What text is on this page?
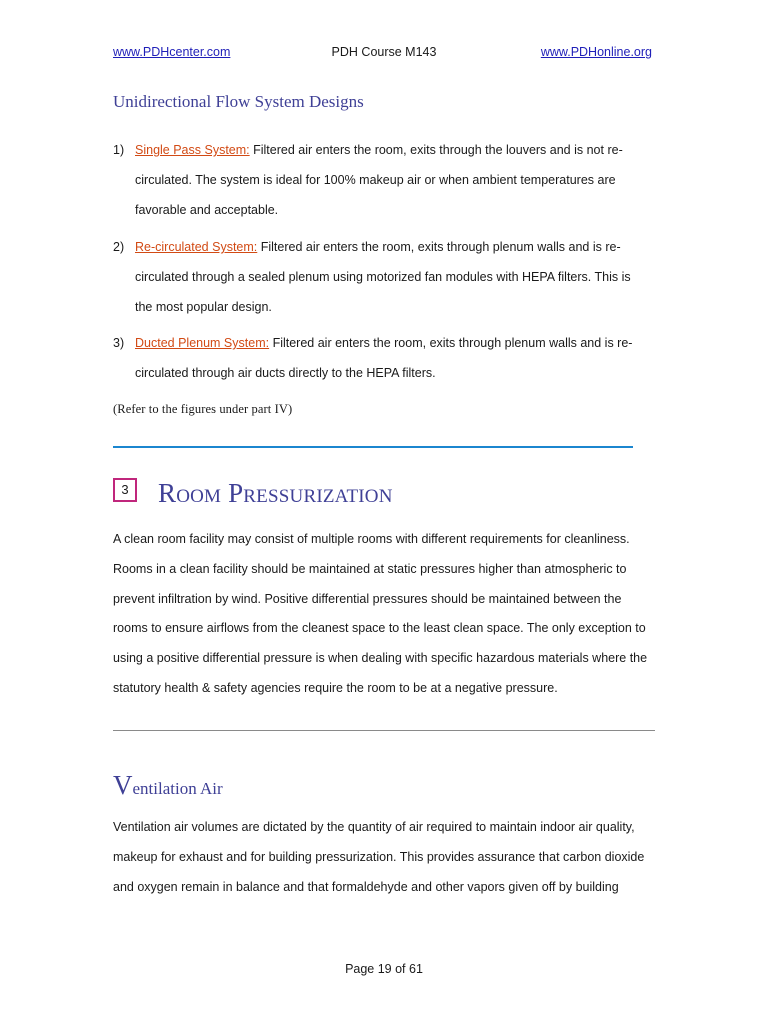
www.PDHcenter.com	PDH Course M143	www.PDHonline.org
Unidirectional Flow System Designs
1) Single Pass System: Filtered air enters the room, exits through the louvers and is not re-circulated. The system is ideal for 100% makeup air or when ambient temperatures are favorable and acceptable.
2) Re-circulated System: Filtered air enters the room, exits through plenum walls and is re-circulated through a sealed plenum using motorized fan modules with HEPA filters. This is the most popular design.
3) Ducted Plenum System: Filtered air enters the room, exits through plenum walls and is re-circulated through air ducts directly to the HEPA filters.
(Refer to the figures under part IV)
3	Room Pressurization
A clean room facility may consist of multiple rooms with different requirements for cleanliness. Rooms in a clean facility should be maintained at static pressures higher than atmospheric to prevent infiltration by wind. Positive differential pressures should be maintained between the rooms to ensure airflows from the cleanest space to the least clean space. The only exception to using a positive differential pressure is when dealing with specific hazardous materials where the statutory health & safety agencies require the room to be at a negative pressure.
Ventilation Air
Ventilation air volumes are dictated by the quantity of air required to maintain indoor air quality, makeup for exhaust and for building pressurization. This provides assurance that carbon dioxide and oxygen remain in balance and that formaldehyde and other vapors given off by building
Page 19 of 61
